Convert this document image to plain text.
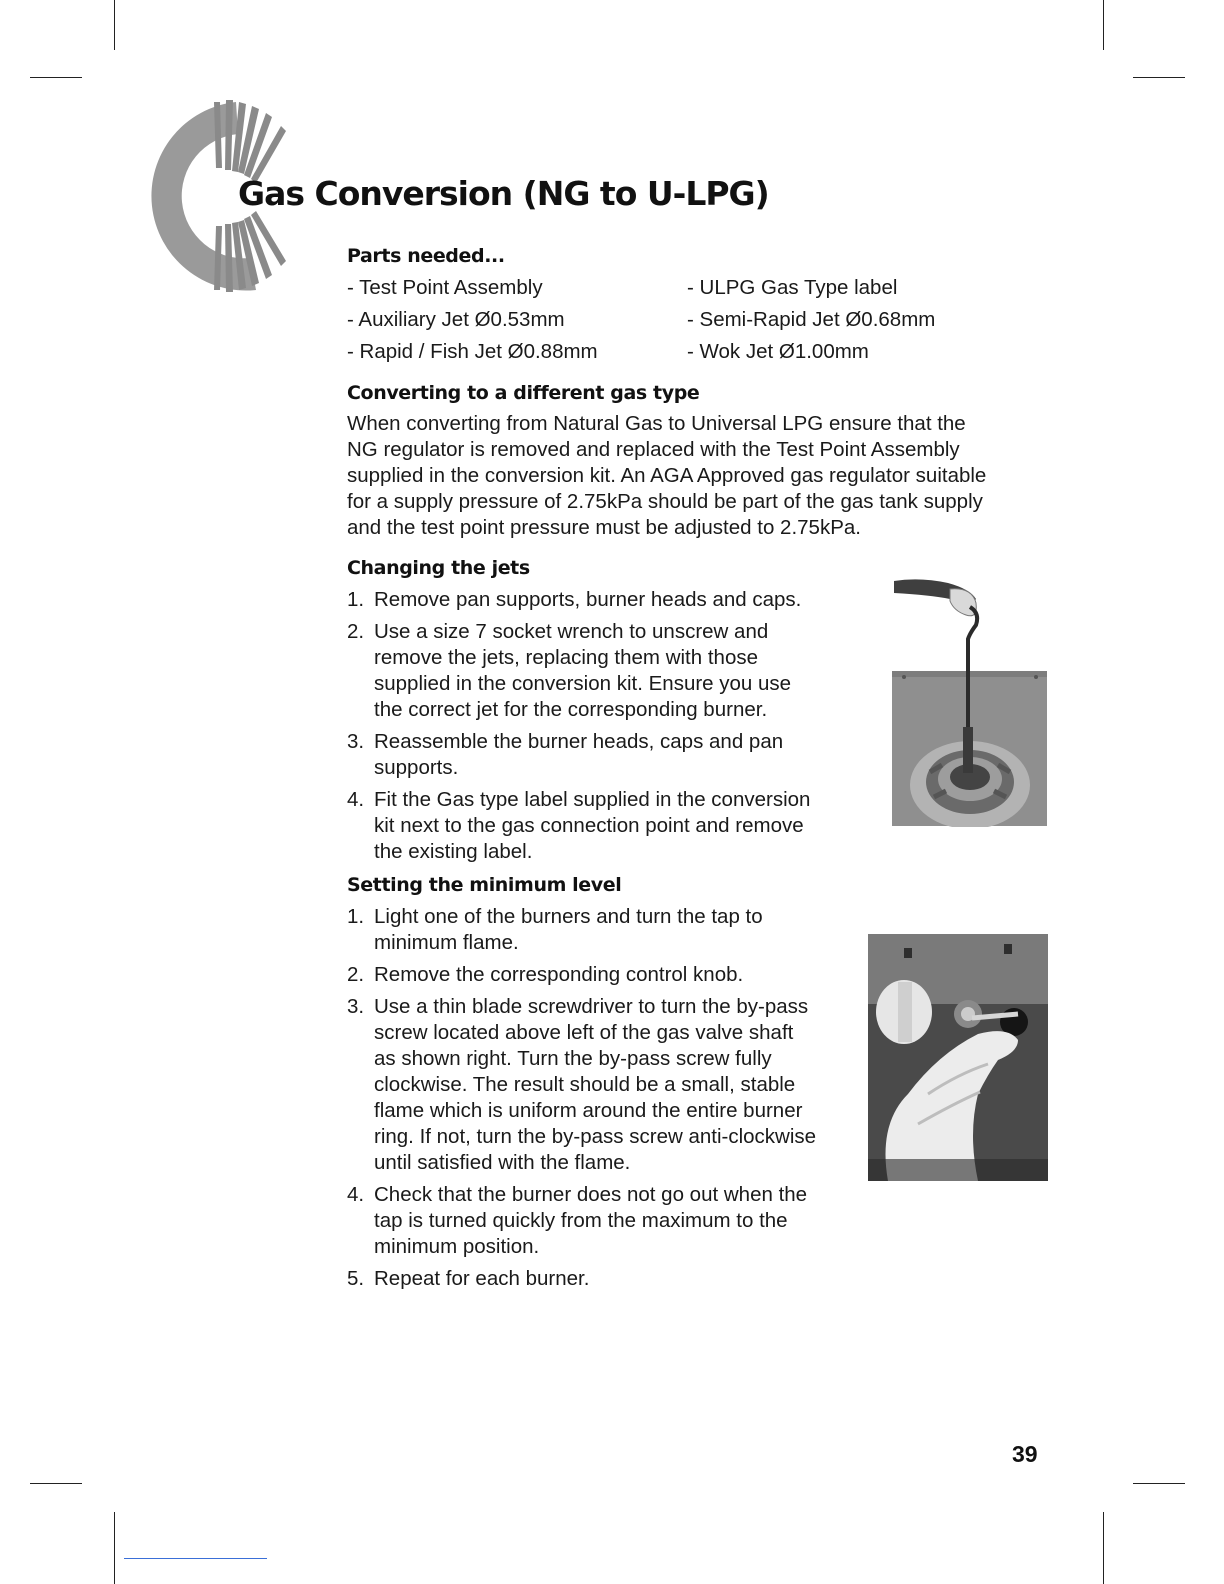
Gas Conversion (NG to U-LPG)
Parts needed...
- Test Point Assembly
- Auxiliary Jet Ø0.53mm
- Rapid / Fish Jet Ø0.88mm
- ULPG Gas Type label
- Semi-Rapid Jet Ø0.68mm
- Wok Jet Ø1.00mm
Converting to a different gas type
When converting from Natural Gas to Universal LPG ensure that the
NG regulator is removed and replaced with the Test Point Assembly
supplied in the conversion kit. An AGA Approved gas regulator suitable
for a supply pressure of 2.75kPa should be part of the gas tank supply
and the test point pressure must be adjusted to 2.75kPa.
Changing the jets
1. Remove pan supports, burner heads and caps.
2. Use a size 7 socket wrench to unscrew and
remove the jets, replacing them with those
supplied in the conversion kit. Ensure you use
the correct jet for the corresponding burner.
3. Reassemble the burner heads, caps and pan
supports.
4. Fit the Gas type label supplied in the conversion
kit next to the gas connection point and remove
the existing label.
Setting the minimum level
1. Light one of the burners and turn the tap to
minimum flame.
2. Remove the corresponding control knob.
3. Use a thin blade screwdriver to turn the by-pass
screw located above left of the gas valve shaft
as shown right. Turn the by-pass screw fully
clockwise. The result should be a small, stable
flame which is uniform around the entire burner
ring. If not, turn the by-pass screw anti-clockwise
until satisfied with the flame.
4. Check that the burner does not go out when the
tap is turned quickly from the maximum to the
minimum position.
5. Repeat for each burner.
39
